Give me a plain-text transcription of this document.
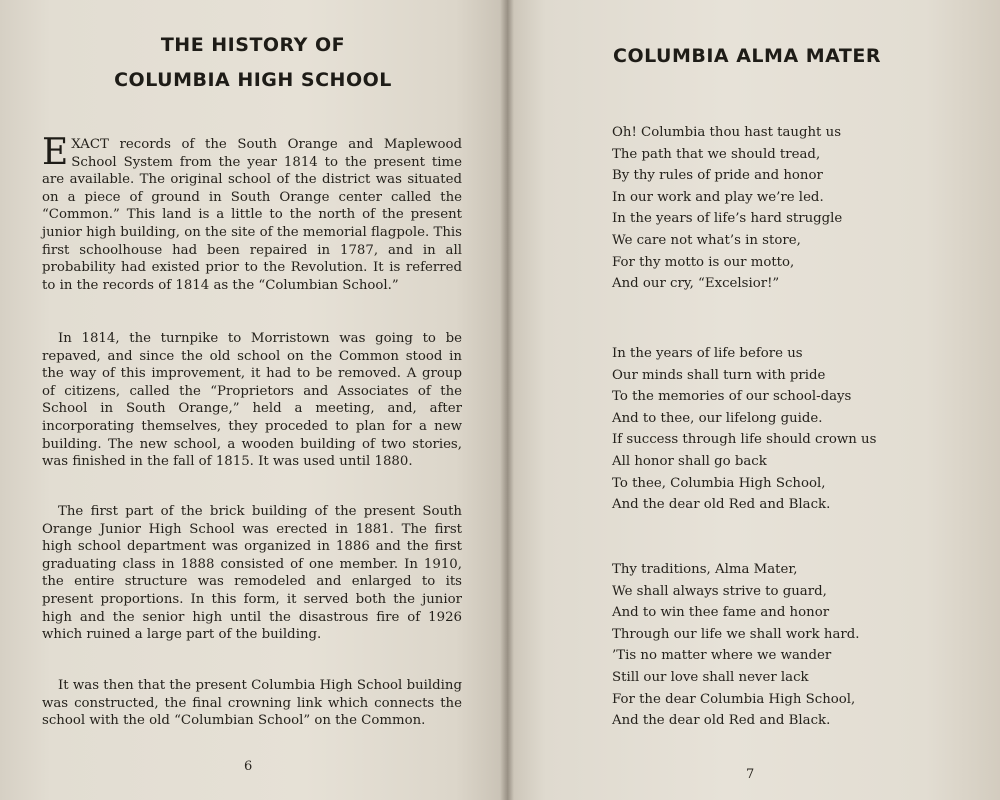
THE HISTORY OF
COLUMBIA HIGH SCHOOL

EXACT records of the South Orange and Maplewood School System from the year 1814 to the present time are available. The original school of the district was situated on a piece of ground in South Orange center called the “Common.” This land is a little to the north of the present junior high building, on the site of the memorial flagpole. This first schoolhouse had been repaired in 1787, and in all probability had existed prior to the Revolution. It is referred to in the records of 1814 as the “Columbian School.”

In 1814, the turnpike to Morristown was going to be repaved, and since the old school on the Common stood in the way of this improvement, it had to be removed. A group of citizens, called the “Proprietors and Associates of the School in South Orange,” held a meeting, and, after incorporating themselves, they proceded to plan for a new building. The new school, a wooden building of two stories, was finished in the fall of 1815. It was used until 1880.

The first part of the brick building of the present South Orange Junior High School was erected in 1881. The first high school department was organized in 1886 and the first graduating class in 1888 consisted of one member. In 1910, the entire structure was remodeled and enlarged to its present proportions. In this form, it served both the junior high and the senior high until the disastrous fire of 1926 which ruined a large part of the building.

It was then that the present Columbia High School building was constructed, the final crowning link which connects the school with the old “Columbian School” on the Common.

6
COLUMBIA ALMA MATER
Oh! Columbia thou hast taught us
The path that we should tread,
By thy rules of pride and honor
In our work and play we’re led.
In the years of life’s hard struggle
We care not what’s in store,
For thy motto is our motto,
And our cry, “Excelsior!”
In the years of life before us
Our minds shall turn with pride
To the memories of our school-days
And to thee, our lifelong guide.
If success through life should crown us
All honor shall go back
To thee, Columbia High School,
And the dear old Red and Black.
Thy traditions, Alma Mater,
We shall always strive to guard,
And to win thee fame and honor
Through our life we shall work hard.
’Tis no matter where we wander
Still our love shall never lack
For the dear Columbia High School,
And the dear old Red and Black.
7
